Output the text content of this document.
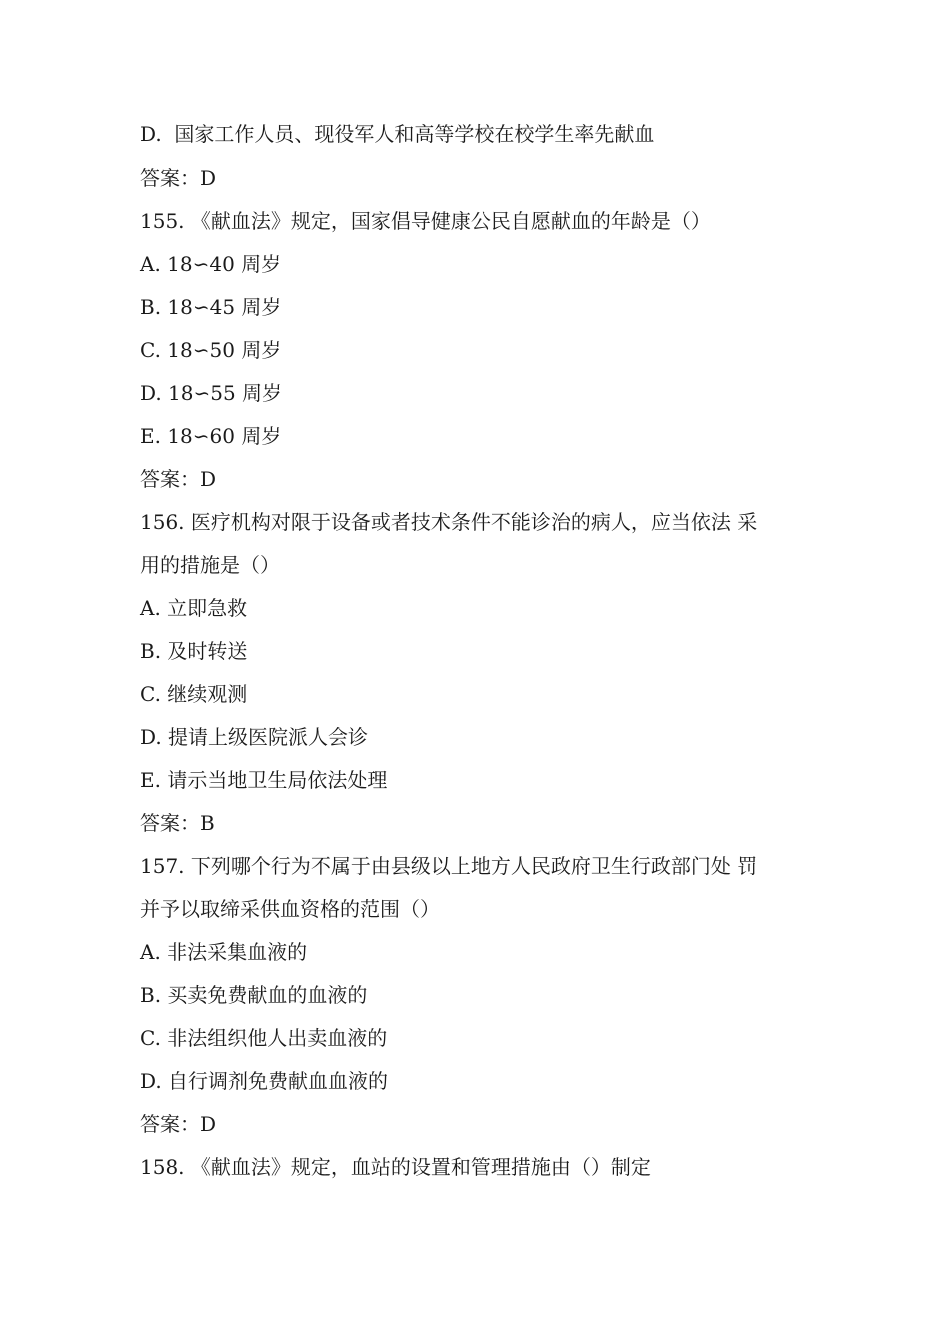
D.  国家工作人员、现役军人和高等学校在校学生率先献血
答案：D
155. 《献血法》规定，国家倡导健康公民自愿献血的年龄是（）
A. 18∽40 周岁
B. 18∽45 周岁
C. 18∽50 周岁
D. 18∽55 周岁
E. 18∽60 周岁
答案：D
156. 医疗机构对限于设备或者技术条件不能诊治的病人，应当依法 采
用的措施是（）
A. 立即急救
B. 及时转送
C. 继续观测
D. 提请上级医院派人会诊
E. 请示当地卫生局依法处理
答案：B
157. 下列哪个行为不属于由县级以上地方人民政府卫生行政部门处 罚
并予以取缔采供血资格的范围（）
A. 非法采集血液的
B. 买卖免费献血的血液的
C. 非法组织他人出卖血液的
D. 自行调剂免费献血血液的
答案：D
158. 《献血法》规定，血站的设置和管理措施由（）制定
